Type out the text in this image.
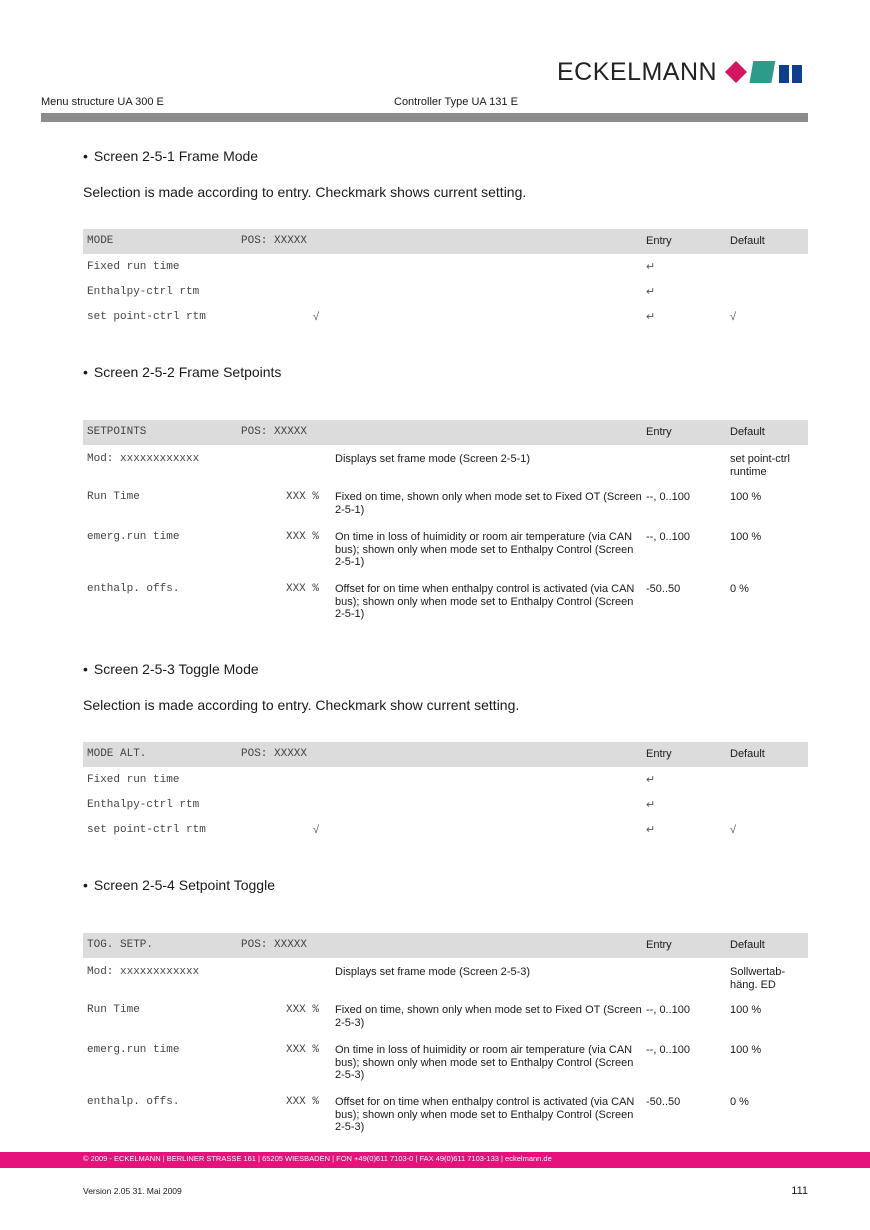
ECKELMANN
Menu structure UA 300 E	Controller Type UA 131 E
• Screen 2-5-1 Frame Mode
Selection is made according to entry. Checkmark shows current setting.
MODE	POS: XXXXX		Entry	Default
Fixed run time			↵	
Enthalpy-ctrl rtm			↵	
set point-ctrl rtm	√		↵	√
• Screen 2-5-2 Frame Setpoints
SETPOINTS	POS: XXXXX		Entry	Default
Mod: xxxxxxxxxxxx		Displays set frame mode (Screen 2-5-1)		set point-ctrl runtime
Run Time	XXX %	Fixed on time, shown only when mode set to Fixed OT (Screen 2-5-1)	--, 0..100	100 %
emerg.run time	XXX %	On time in loss of huimidity or room air temperature (via CAN bus); shown only when mode set to Enthalpy Control (Screen 2-5-1)	--, 0..100	100 %
enthalp. offs.	XXX %	Offset for on time when enthalpy control is activated (via CAN bus); shown only when mode set to Enthalpy Control (Screen 2-5-1)	-50..50	0 %
• Screen 2-5-3 Toggle Mode
Selection is made according to entry. Checkmark show current setting.
MODE ALT.	POS: XXXXX		Entry	Default
Fixed run time			↵	
Enthalpy-ctrl rtm			↵	
set point-ctrl rtm	√		↵	√
• Screen 2-5-4 Setpoint Toggle
TOG. SETP.	POS: XXXXX		Entry	Default
Mod: xxxxxxxxxxxx		Displays set frame mode (Screen 2-5-3)		Sollwertab-häng. ED
Run Time	XXX %	Fixed on time, shown only when mode set to Fixed OT (Screen 2-5-3)	--, 0..100	100 %
emerg.run time	XXX %	On time in loss of huimidity or room air temperature (via CAN bus); shown only when mode set to Enthalpy Control (Screen 2-5-3)	--, 0..100	100 %
enthalp. offs.	XXX %	Offset for on time when enthalpy control is activated (via CAN bus); shown only when mode set to Enthalpy Control (Screen 2-5-3)	-50..50	0 %
© 2009 - ECKELMANN | BERLINER STRASSE 161 | 65205 WIESBADEN | FON +49(0)611 7103-0 | FAX 49(0)611 7103-133 | eckelmann.de
Version 2.05 31. Mai 2009	111
